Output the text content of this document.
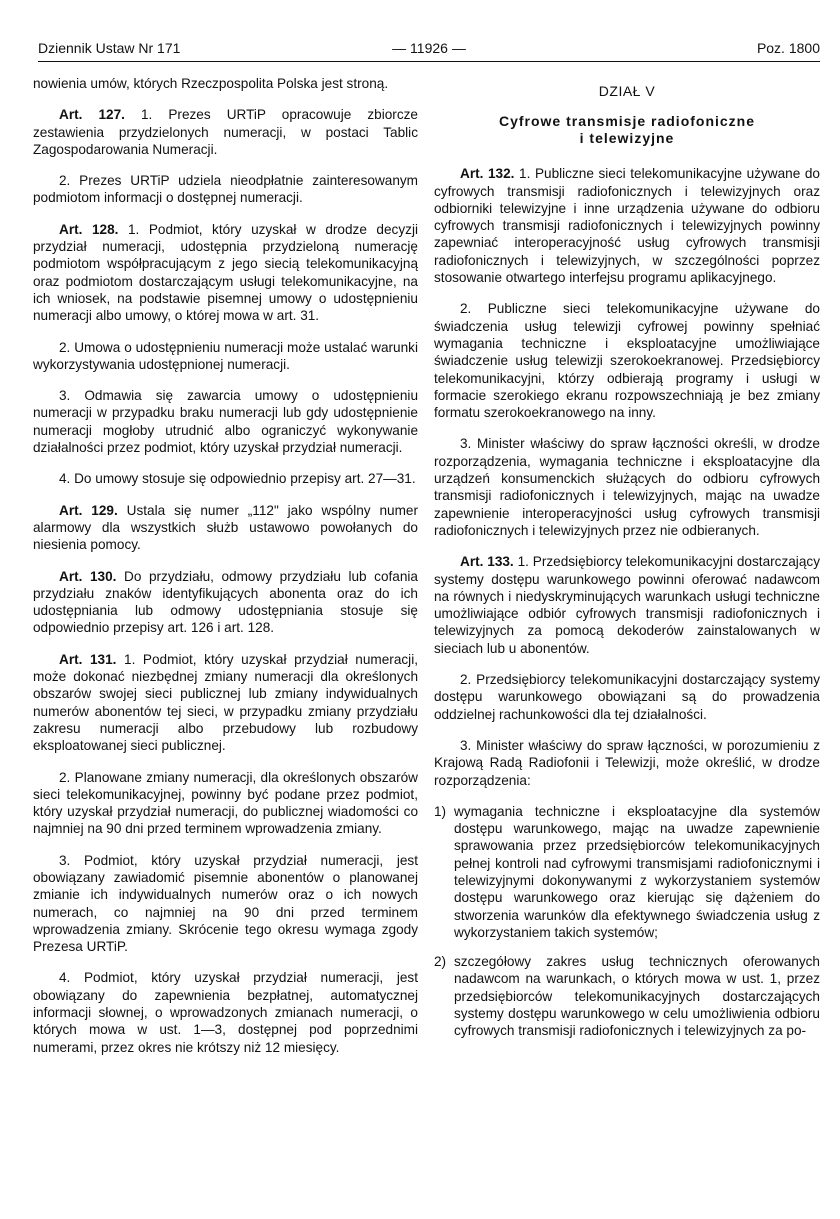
Dziennik Ustaw Nr 171	— 11926 —	Poz. 1800

nowienia umów, których Rzeczpospolita Polska jest stroną.

Art. 127. 1. Prezes URTiP opracowuje zbiorcze zestawienia przydzielonych numeracji, w postaci Tablic Zagospodarowania Numeracji.

2. Prezes URTiP udziela nieodpłatnie zainteresowanym podmiotom informacji o dostępnej numeracji.

Art. 128. 1. Podmiot, który uzyskał w drodze decyzji przydział numeracji, udostępnia przydzieloną numerację podmiotom współpracującym z jego siecią telekomunikacyjną oraz podmiotom dostarczającym usługi telekomunikacyjne, na ich wniosek, na podstawie pisemnej umowy o udostępnieniu numeracji albo umowy, o której mowa w art. 31.

2. Umowa o udostępnieniu numeracji może ustalać warunki wykorzystywania udostępnionej numeracji.

3. Odmawia się zawarcia umowy o udostępnieniu numeracji w przypadku braku numeracji lub gdy udostępnienie numeracji mogłoby utrudnić albo ograniczyć wykonywanie działalności przez podmiot, który uzyskał przydział numeracji.

4. Do umowy stosuje się odpowiednio przepisy art. 27—31.

Art. 129. Ustala się numer „112" jako wspólny numer alarmowy dla wszystkich służb ustawowo powołanych do niesienia pomocy.

Art. 130. Do przydziału, odmowy przydziału lub cofania przydziału znaków identyfikujących abonenta oraz do ich udostępniania lub odmowy udostępniania stosuje się odpowiednio przepisy art. 126 i art. 128.

Art. 131. 1. Podmiot, który uzyskał przydział numeracji, może dokonać niezbędnej zmiany numeracji dla określonych obszarów swojej sieci publicznej lub zmiany indywidualnych numerów abonentów tej sieci, w przypadku zmiany przydziału zakresu numeracji albo przebudowy lub rozbudowy eksploatowanej sieci publicznej.

2. Planowane zmiany numeracji, dla określonych obszarów sieci telekomunikacyjnej, powinny być podane przez podmiot, który uzyskał przydział numeracji, do publicznej wiadomości co najmniej na 90 dni przed terminem wprowadzenia zmiany.

3. Podmiot, który uzyskał przydział numeracji, jest obowiązany zawiadomić pisemnie abonentów o planowanej zmianie ich indywidualnych numerów oraz o ich nowych numerach, co najmniej na 90 dni przed terminem wprowadzenia zmiany. Skrócenie tego okresu wymaga zgody Prezesa URTiP.

4. Podmiot, który uzyskał przydział numeracji, jest obowiązany do zapewnienia bezpłatnej, automatycznej informacji słownej, o wprowadzonych zmianach numeracji, o których mowa w ust. 1—3, dostępnej pod poprzednimi numerami, przez okres nie krótszy niż 12 miesięcy.

DZIAŁ V
Cyfrowe transmisje radiofoniczne
i telewizyjne

Art. 132. 1. Publiczne sieci telekomunikacyjne używane do cyfrowych transmisji radiofonicznych i telewizyjnych oraz odbiorniki telewizyjne i inne urządzenia używane do odbioru cyfrowych transmisji radiofonicznych i telewizyjnych powinny zapewniać interoperacyjność usług cyfrowych transmisji radiofonicznych i telewizyjnych, w szczególności poprzez stosowanie otwartego interfejsu programu aplikacyjnego.

2. Publiczne sieci telekomunikacyjne używane do świadczenia usług telewizji cyfrowej powinny spełniać wymagania techniczne i eksploatacyjne umożliwiające świadczenie usług telewizji szerokoekranowej. Przedsiębiorcy telekomunikacyjni, którzy odbierają programy i usługi w formacie szerokiego ekranu rozpowszechniają je bez zmiany formatu szerokoekranowego na inny.

3. Minister właściwy do spraw łączności określi, w drodze rozporządzenia, wymagania techniczne i eksploatacyjne dla urządzeń konsumenckich służących do odbioru cyfrowych transmisji radiofonicznych i telewizyjnych, mając na uwadze zapewnienie interoperacyjności usług cyfrowych transmisji radiofonicznych i telewizyjnych przez nie odbieranych.

Art. 133. 1. Przedsiębiorcy telekomunikacyjni dostarczający systemy dostępu warunkowego powinni oferować nadawcom na równych i niedyskryminujących warunkach usługi techniczne umożliwiające odbiór cyfrowych transmisji radiofonicznych i telewizyjnych za pomocą dekoderów zainstalowanych w sieciach lub u abonentów.

2. Przedsiębiorcy telekomunikacyjni dostarczający systemy dostępu warunkowego obowiązani są do prowadzenia oddzielnej rachunkowości dla tej działalności.

3. Minister właściwy do spraw łączności, w porozumieniu z Krajową Radą Radiofonii i Telewizji, może określić, w drodze rozporządzenia:

1) wymagania techniczne i eksploatacyjne dla systemów dostępu warunkowego, mając na uwadze zapewnienie sprawowania przez przedsiębiorców telekomunikacyjnych pełnej kontroli nad cyfrowymi transmisjami radiofonicznymi i telewizyjnymi dokonywanymi z wykorzystaniem systemów dostępu warunkowego oraz kierując się dążeniem do stworzenia warunków dla efektywnego świadczenia usług z wykorzystaniem takich systemów;
2) szczegółowy zakres usług technicznych oferowanych nadawcom na warunkach, o których mowa w ust. 1, przez przedsiębiorców telekomunikacyjnych dostarczających systemy dostępu warunkowego w celu umożliwienia odbioru cyfrowych transmisji radiofonicznych i telewizyjnych za po-
